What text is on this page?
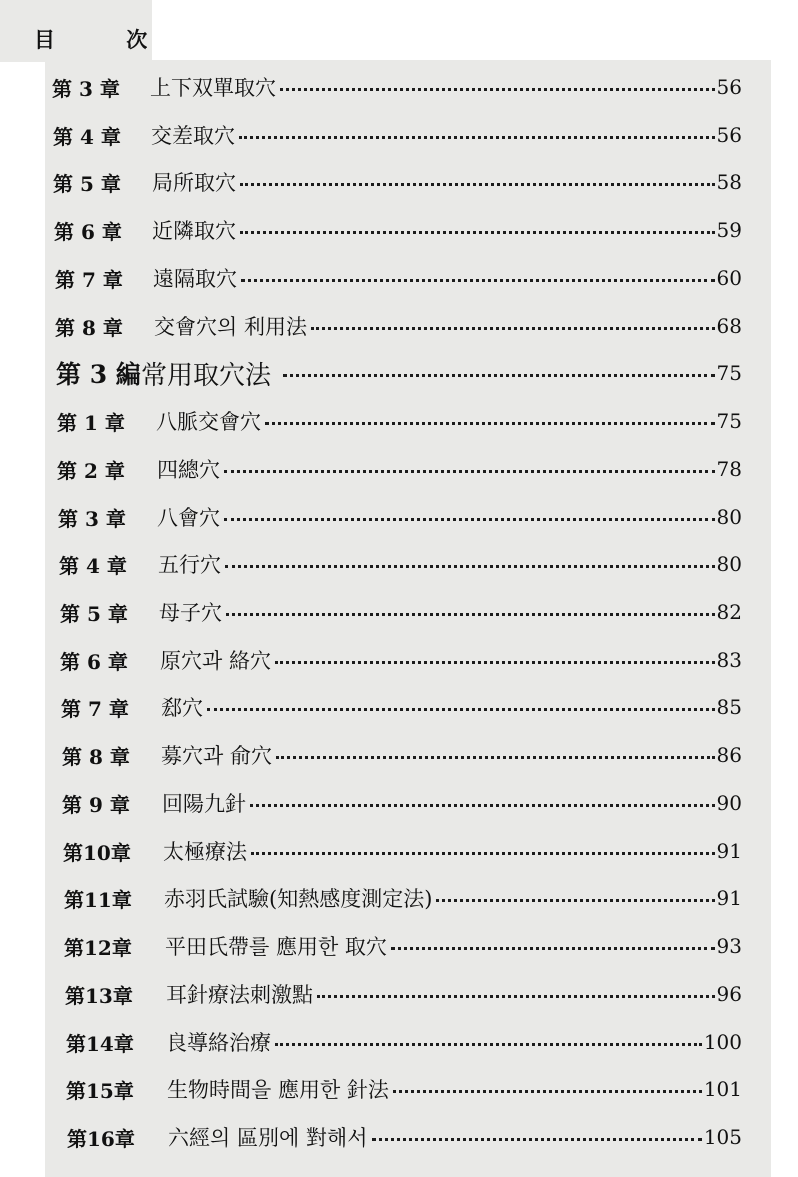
目 次
第 3 章	上下双單取穴	56
第 4 章	交差取穴	56
第 5 章	局所取穴	58
第 6 章	近隣取穴	59
第 7 章	遠隔取穴	60
第 8 章	交會穴의 利用法	68
第 3 編 常用取穴法	75
第 1 章	八脈交會穴	75
第 2 章	四總穴	78
第 3 章	八會穴	80
第 4 章	五行穴	80
第 5 章	母子穴	82
第 6 章	原穴과 絡穴	83
第 7 章	郄穴	85
第 8 章	募穴과 俞穴	86
第 9 章	回陽九針	90
第10章	太極療法	91
第11章	赤羽氏試驗(知熱感度測定法)	91
第12章	平田氏帶를 應用한 取穴	93
第13章	耳針療法刺激點	96
第14章	良導絡治療	100
第15章	生物時間을 應用한 針法	101
第16章	六經의 區別에 對해서	105
